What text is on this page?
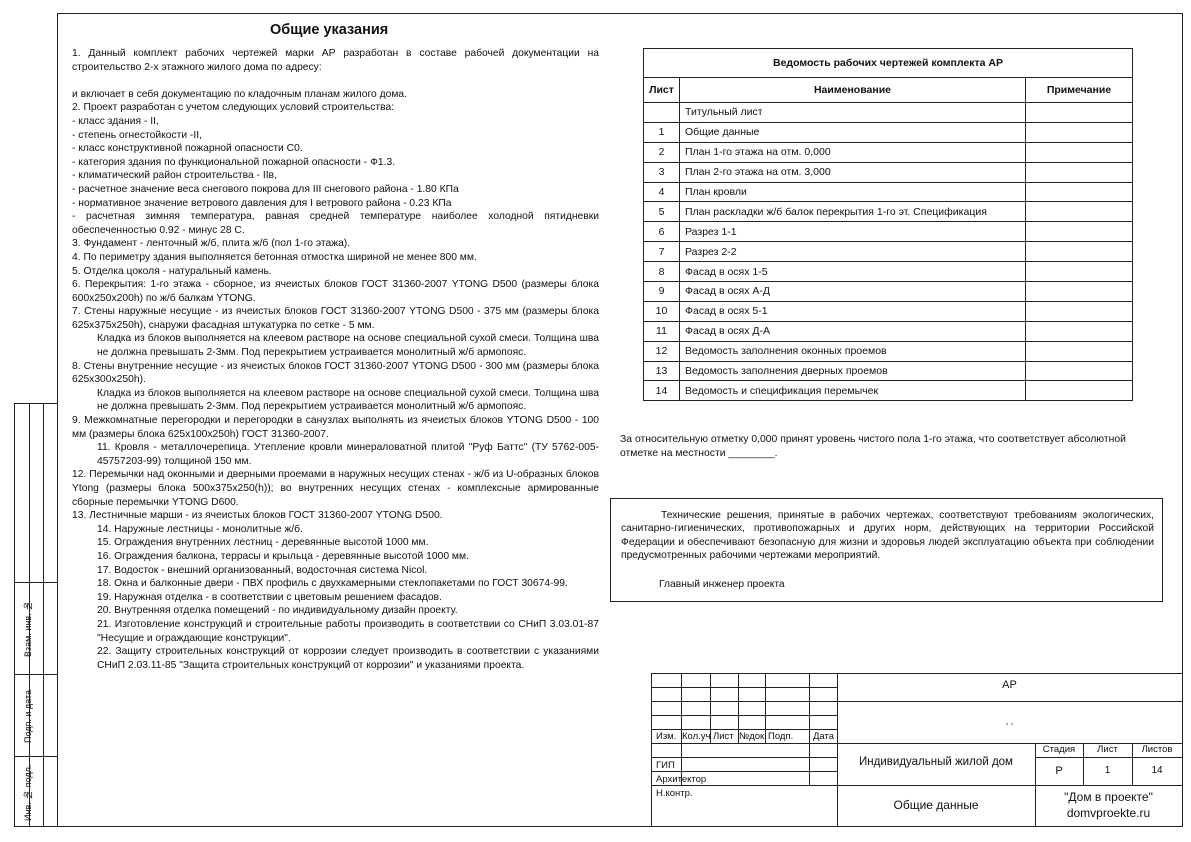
Общие указания
1. Данный комплект рабочих чертежей марки АР разработан в составе рабочей документации на строительство 2-х этажного жилого дома по адресу:
и включает в себя документацию по кладочным планам жилого дома.
2. Проект разработан с учетом следующих условий строительства:
- класс здания - II,
- степень огнестойкости -II,
- класс конструктивной пожарной опасности С0.
- категория здания по функциональной пожарной опасности - Ф1.3.
- климатический район строительства - IIв,
- расчетное значение веса снегового покрова для III снегового района - 1.80 КПа
- нормативное значение ветрового давления для I ветрового района - 0.23 КПа
- расчетная зимняя температура, равная средней температуре наиболее холодной пятидневки обеспеченностью 0.92 - минус 28 С.
3. Фундамент - ленточный ж/б, плита ж/б (пол 1-го этажа).
4. По периметру здания выполняется бетонная отмостка шириной не менее 800 мм.
5. Отделка цоколя - натуральный камень.
6. Перекрытия: 1-го этажа - сборное, из ячеистых блоков ГОСТ 31360-2007 YTONG D500 (размеры блока 600х250х200h) по ж/б балкам YTONG.
7. Стены наружные несущие - из ячеистых блоков ГОСТ 31360-2007 YTONG D500 - 375 мм (размеры блока 625х375х250h), снаружи фасадная штукатурка по сетке - 5 мм.
Кладка из блоков выполняется на клеевом растворе на основе специальной сухой смеси. Толщина шва не должна превышать 2-3мм. Под перекрытием устраивается монолитный ж/б армопояс.
8. Стены внутренние несущие - из ячеистых блоков ГОСТ 31360-2007 YTONG D500 - 300 мм (размеры блока 625х300х250h).
Кладка из блоков выполняется на клеевом растворе на основе специальной сухой смеси. Толщина шва не должна превышать 2-3мм. Под перекрытием устраивается монолитный ж/б армопояс.
9. Межкомнатные перегородки и перегородки в санузлах выполнять из ячеистых блоков YTONG D500 - 100 мм (размеры блока 625х100х250h) ГОСТ 31360-2007.
11. Кровля - металлочерепица. Утепление кровли минераловатной плитой "Руф Баттс" (ТУ 5762-005-45757203-99) толщиной 150 мм.
12. Перемычки над оконными и дверными проемами в наружных несущих стенах - ж/б из U-образных блоков Ytong (размеры блока 500х375х250(h)); во внутренних несущих стенах - комплексные армированные сборные перемычки YTONG D600.
13. Лестничные марши - из ячеистых блоков ГОСТ 31360-2007 YTONG D500.
14. Наружные лестницы - монолитные ж/б.
15. Ограждения внутренних лестниц - деревянные высотой 1000 мм.
16. Ограждения балкона, террасы и крыльца - деревянные высотой 1000 мм.
17. Водосток - внешний организованный, водосточная система Nicol.
18. Окна и балконные двери - ПВХ профиль с двухкамерными стеклопакетами по ГОСТ 30674-99.
19. Наружная отделка - в соответствии с цветовым решением фасадов.
20. Внутренняя отделка помещений - по индивидуальному дизайн проекту.
21. Изготовление конструкций и строительные работы производить в соответствии со СНиП 3.03.01-87 "Несущие и ограждающие конструкции".
22. Защиту строительных конструкций от коррозии следует производить в соответствии с указаниями СНиП 2.03.11-85 "Защита строительных конструкций от коррозии" и указаниями проекта.
Ведомость рабочих чертежей комплекта АР		
Лист	Наименование	Примечание
	Титульный лист	
1	Общие данные	
2	План 1-го этажа на отм. 0,000	
3	План 2-го этажа на отм. 3,000	
4	План кровли	
5	План раскладки ж/б балок перекрытия 1-го эт. Спецификация	
6	Разрез 1-1	
7	Разрез 2-2	
8	Фасад в осях 1-5	
9	Фасад в осях А-Д	
10	Фасад в осях 5-1	
11	Фасад в осях Д-А	
12	Ведомость заполнения оконных проемов	
13	Ведомость заполнения дверных проемов	
14	Ведомость и спецификация перемычек	
За относительную отметку 0,000 принят уровень чистого пола 1-го этажа, что соответствует абсолютной отметке на местности ________.
Технические решения, принятые в рабочих чертежах, соответствуют требованиям экологических, санитарно-гигиенических, противопожарных и других норм, действующих на территории Российской Федерации и обеспечивают безопасную для жизни и здоровья людей эксплуатацию объекта при соблюдении предусмотренных рабочими чертежами мероприятий.
Главный инженер проекта
Взам. инв. №
Подп. и дата
Инв. № подл.
Изм. Кол.уч Лист №док. Подп. Дата
ГИП
Архитектор
Н.контр.
АР
, ,
Индивидуальный жилой дом
Общие данные
Стадия	Лист	Листов
Р	1	14
"Дом в проекте"
domvproekte.ru
